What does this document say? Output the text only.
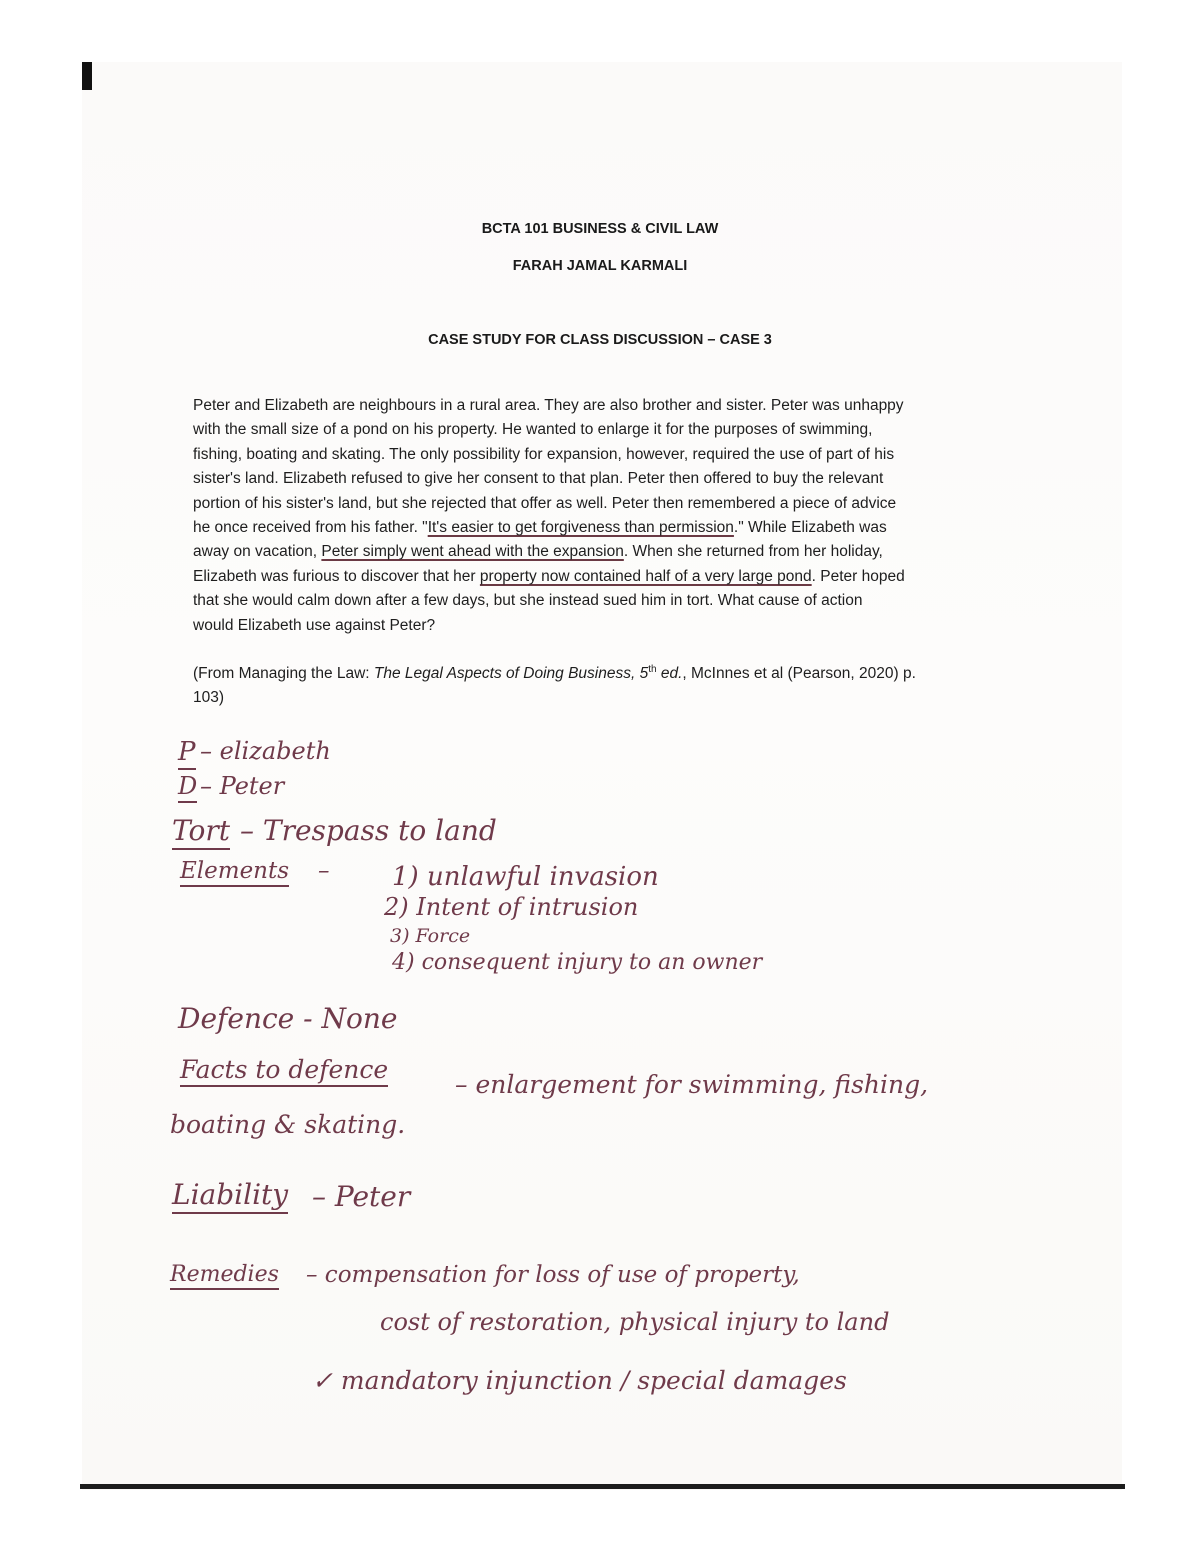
BCTA 101 BUSINESS & CIVIL LAW
FARAH JAMAL KARMALI
CASE STUDY FOR CLASS DISCUSSION – CASE 3
Peter and Elizabeth are neighbours in a rural area. They are also brother and sister. Peter was unhappy
with the small size of a pond on his property. He wanted to enlarge it for the purposes of swimming,
fishing, boating and skating. The only possibility for expansion, however, required the use of part of his
sister's land. Elizabeth refused to give her consent to that plan. Peter then offered to buy the relevant
portion of his sister's land, but she rejected that offer as well. Peter then remembered a piece of advice
he once received from his father. "It's easier to get forgiveness than permission." While Elizabeth was
away on vacation, Peter simply went ahead with the expansion. When she returned from her holiday,
Elizabeth was furious to discover that her property now contained half of a very large pond. Peter hoped
that she would calm down after a few days, but she instead sued him in tort. What cause of action
would Elizabeth use against Peter?
(From Managing the Law: The Legal Aspects of Doing Business, 5th ed., McInnes et al (Pearson, 2020) p.
103)
P – elizabeth
D – Peter
Tort – Trespass to land
Elements – 1) unlawful invasion
2) Intent of intrusion
3) Force
4) consequent injury to an owner
Defence - None
Facts to defence
– enlargement for swimming, fishing,
boating & skating.
Liability – Peter
Remedies – compensation for loss of use of property,
cost of restoration, physical injury to land
✓ mandatory injunction / special damages
